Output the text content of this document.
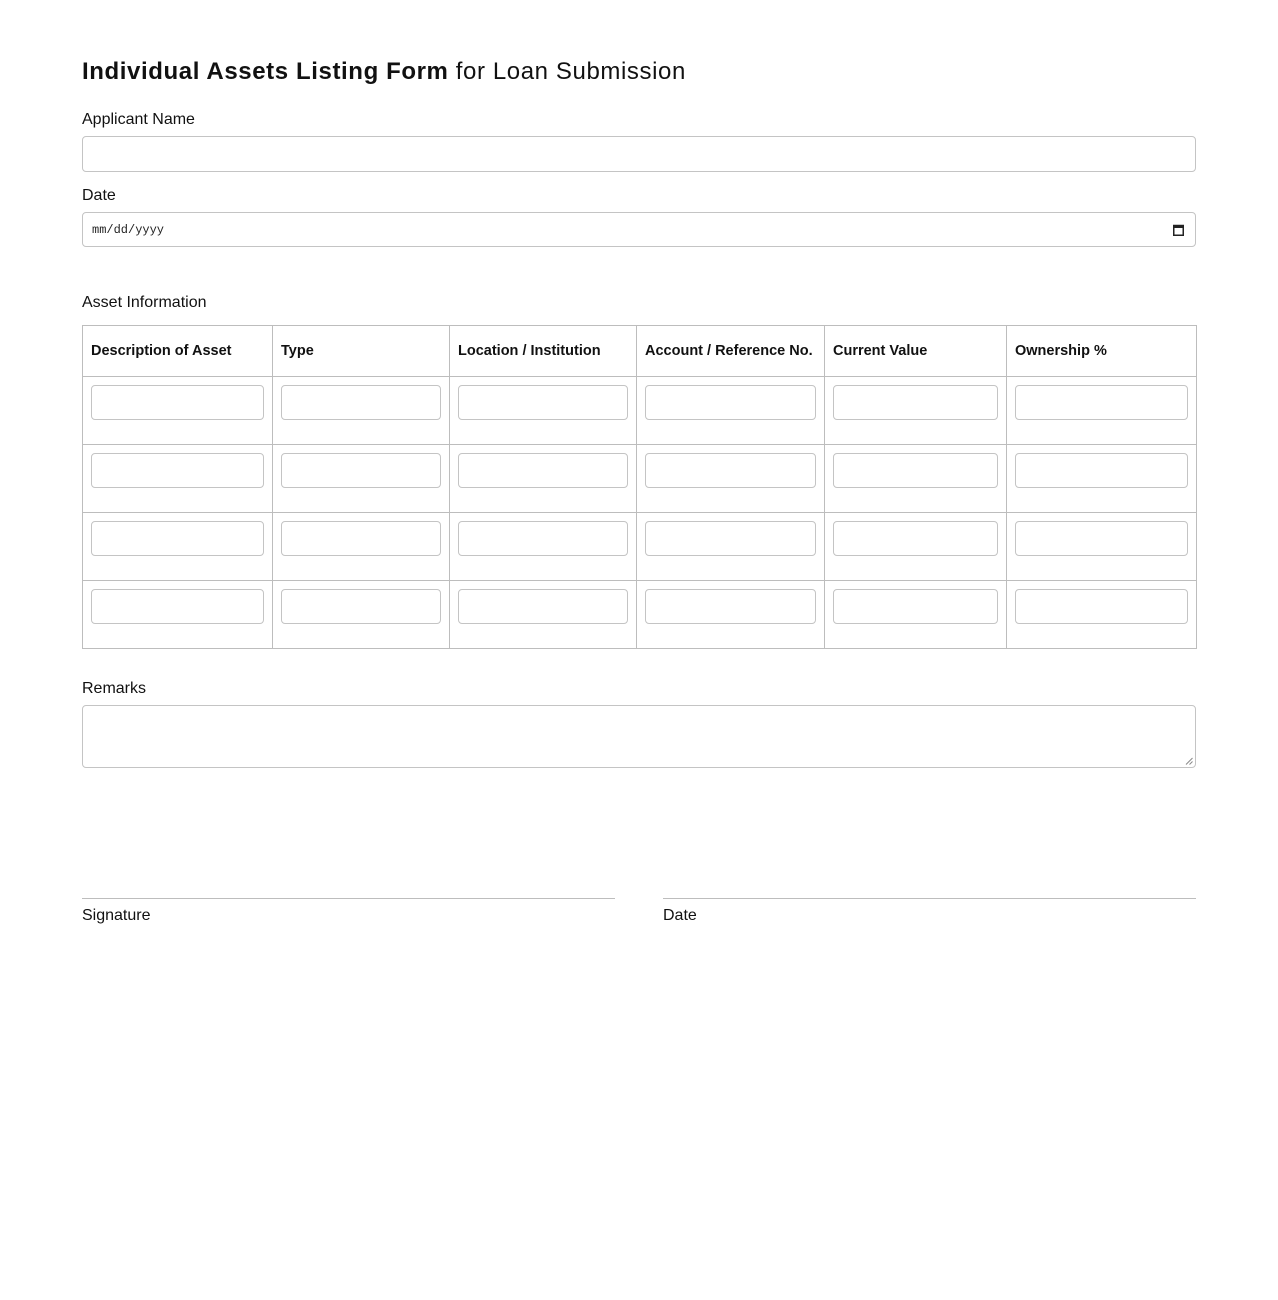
Individual Assets Listing Form for Loan Submission
Applicant Name
Date
mm/dd/yyyy
Asset Information
Description of Asset	Type	Location / Institution	Account / Reference No.	Current Value	Ownership %

Remarks
Signature	Date
